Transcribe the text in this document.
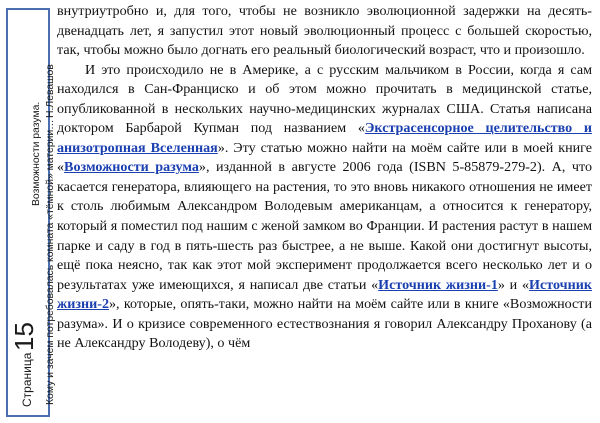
Возможности разума. Кому и зачем потребовалась комната «тёмной» материи…
Н.Левашов
Страница
15

внутриутробно и, для того, чтобы не возникло эволюционной задержки на десять-двенадцать лет, я запустил этот новый эволюционный процесс с большей скоростью, так, чтобы можно было догнать его реальный биологический возраст, что и произошло.

И это происходило не в Америке, а с русским мальчиком в России, когда я сам находился в Сан-Франциско и об этом можно прочитать в медицинской статье, опубликованной в нескольких научно-медицинских журналах США. Статья написана доктором Барбарой Купман под названием «Экстрасенсорное целительство и анизотропная Вселенная». Эту статью можно найти на моём сайте или в моей книге «Возможности разума», изданной в августе 2006 года (ISBN 5-85879-279-2). А, что касается генератора, влияющего на растения, то это вновь никакого отношения не имеет к столь любимым Александром Володевым американцам, а относится к генератору, который я поместил под нашим с женой замком во Франции. И растения растут в нашем парке и саду в год в пять-шесть раз быстрее, а не выше. Какой они достигнут высоты, ещё пока неясно, так как этот мой эксперимент продолжается всего несколько лет и о результатах уже имеющихся, я написал две статьи «Источник жизни-1» и «Источник жизни-2», которые, опять-таки, можно найти на моём сайте или в книге «Возможности разума». И о кризисе современного естествознания я говорил Александру Проханову (а не Александру Володеву), о чём
